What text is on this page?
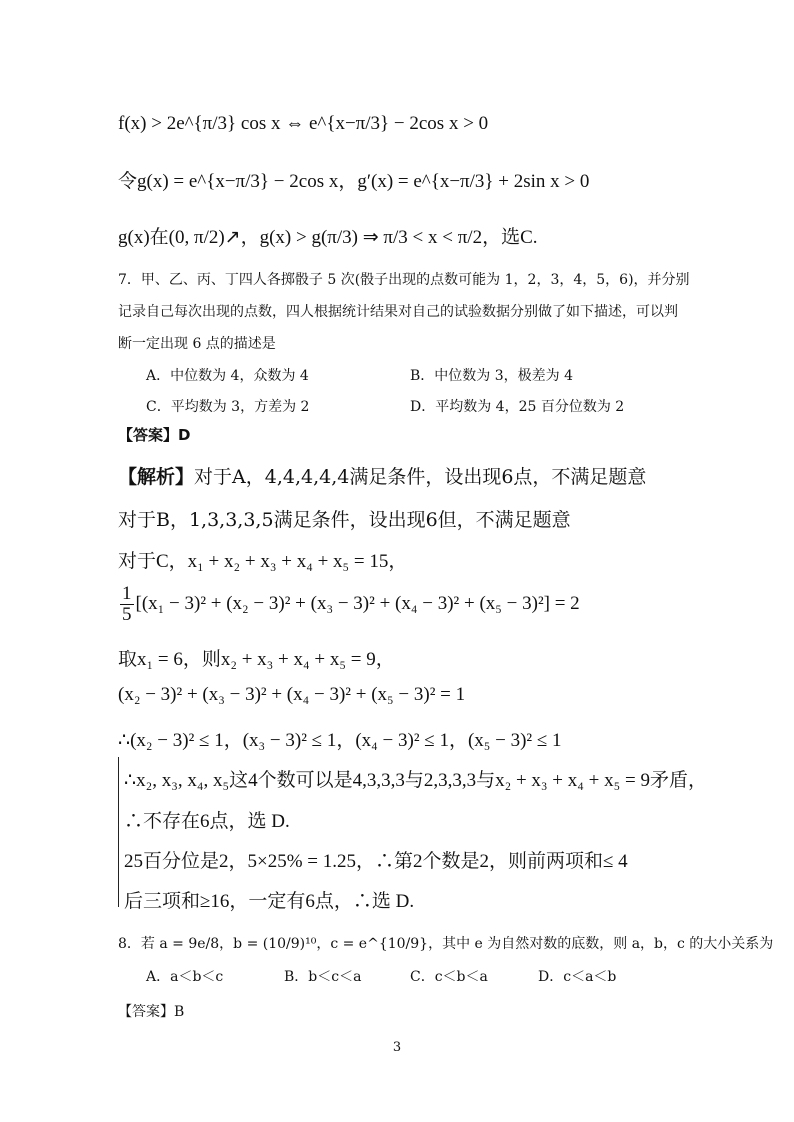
f(x) > 2e^{π/3} cos x ⇔ e^{x−π/3} − 2cos x > 0
令g(x) = e^{x−π/3} − 2cos x，g′(x) = e^{x−π/3} + 2sin x > 0
g(x)在(0, π/2)↗，g(x) > g(π/3) ⇒ π/3 < x < π/2，选C.
7．甲、乙、丙、丁四人各掷骰子 5 次(骰子出现的点数可能为 1，2，3，4，5，6)，并分别
记录自己每次出现的点数，四人根据统计结果对自己的试验数据分别做了如下描述，可以判
断一定出现 6 点的描述是
A．中位数为 4，众数为 4	B．中位数为 3，极差为 4
C．平均数为 3，方差为 2	D．平均数为 4，25 百分位数为 2
【答案】D
【解析】对于A，4,4,4,4,4满足条件，设出现6点，不满足题意
对于B，1,3,3,3,5满足条件，设出现6但，不满足题意
对于C，x₁ + x₂ + x₃ + x₄ + x₅ = 15，
$\frac{1}{5} [(x_1 - 3)^2 + (x_2 - 3)^2 + (x_3 - 3)^2 + (x_4 - 3)^2 + (x_5 - 3)^2] = 2$
取x₁ = 6，则x₂ + x₃ + x₄ + x₅ = 9，
(x₂ − 3)² + (x₃ − 3)² + (x₄ − 3)² + (x₅ − 3)² = 1
∴(x₂ − 3)² ≤ 1，(x₃ − 3)² ≤ 1，(x₄ − 3)² ≤ 1，(x₅ − 3)² ≤ 1
∴x₂, x₃, x₄, x₅这4个数可以是4,3,3,3与2,3,3,3与x₂ + x₃ + x₄ + x₅ = 9矛盾，
∴不存在6点，选 D.
25百分位是2，5×25% = 1.25，∴第2个数是2，则前两项和≤ 4
后三项和≥16，一定有6点，∴选 D.
8．若 a = 9e/8，b = (10/9)¹⁰，c = e^{10/9}，其中 e 为自然对数的底数，则 a，b，c 的大小关系为
A．a＜b＜c	B．b＜c＜a	C．c＜b＜a	D．c＜a＜b
【答案】B
3
